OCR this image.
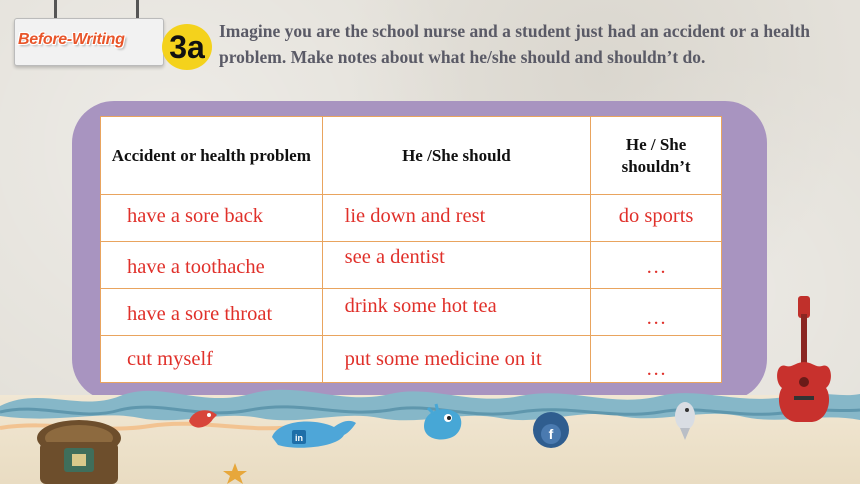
Before-Writing 3a Imagine you are the school nurse and a student just had an accident or a health problem. Make notes about what he/she should and shouldn’t do.
Accident or health problem	He /She should	He / She shouldn’t
have a sore back	lie down and rest	do sports
have a toothache	see a dentist	…
have a sore throat	drink some hot tea	…
cut myself	put some medicine on it	…
in	f
